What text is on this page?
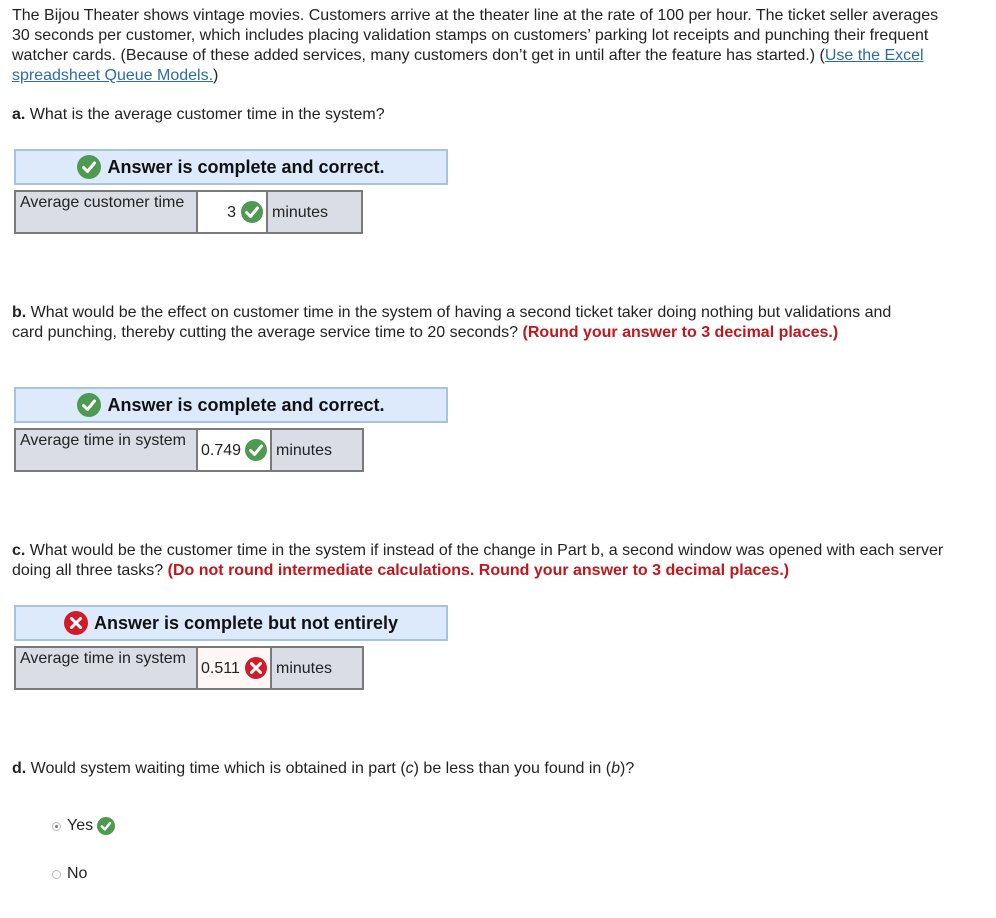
The Bijou Theater shows vintage movies. Customers arrive at the theater line at the rate of 100 per hour. The ticket seller averages 30 seconds per customer, which includes placing validation stamps on customers’ parking lot receipts and punching their frequent watcher cards. (Because of these added services, many customers don’t get in until after the feature has started.) (Use the Excel spreadsheet Queue Models.)

a. What is the average customer time in the system?

Answer is complete and correct.
Average customer time
3 minutes

b. What would be the effect on customer time in the system of having a second ticket taker doing nothing but validations and card punching, thereby cutting the average service time to 20 seconds? (Round your answer to 3 decimal places.)

Answer is complete and correct.
Average time in system
0.749 minutes

c. What would be the customer time in the system if instead of the change in Part b, a second window was opened with each server doing all three tasks? (Do not round intermediate calculations. Round your answer to 3 decimal places.)

Answer is complete but not entirely
Average time in system
0.511 minutes

d. Would system waiting time which is obtained in part (c) be less than you found in (b)?

Yes
No
